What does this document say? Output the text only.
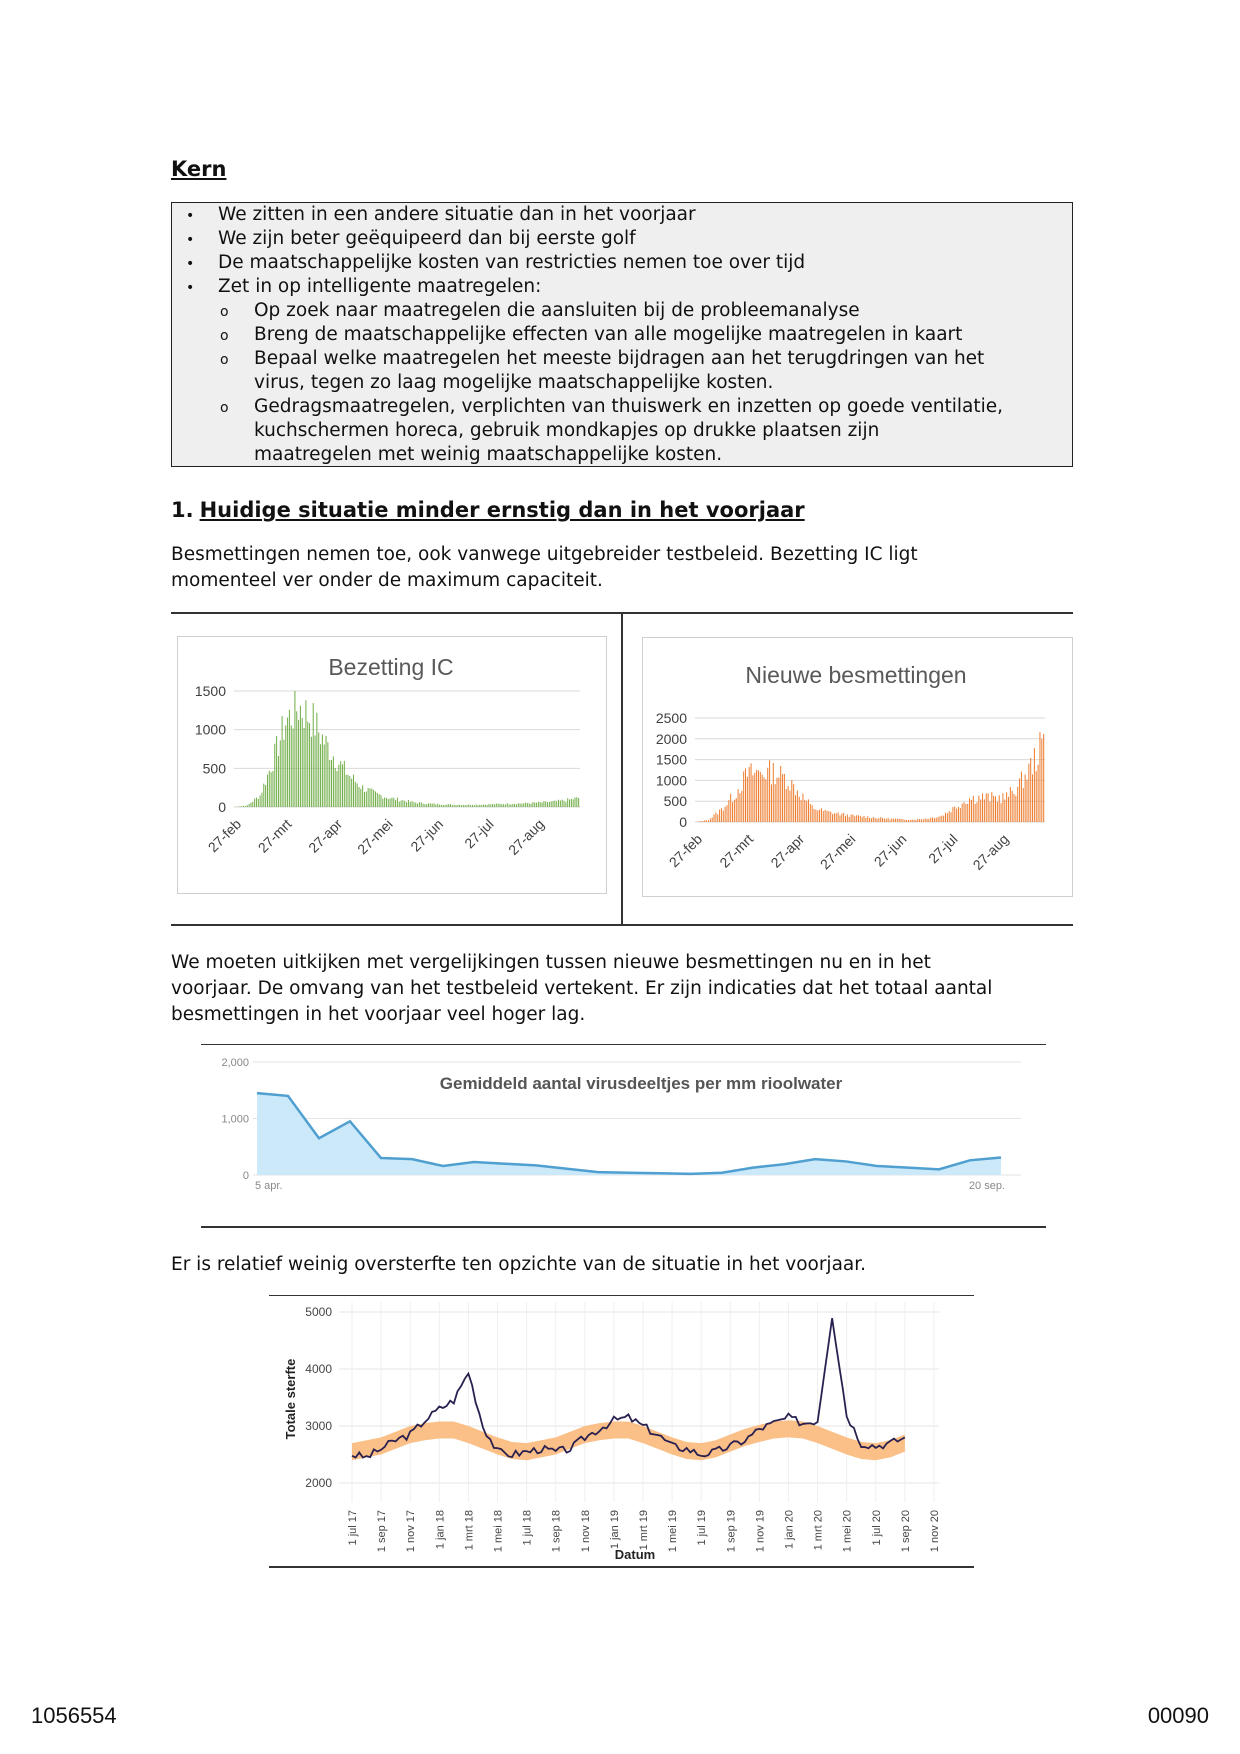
Kern
• We zitten in een andere situatie dan in het voorjaar
• We zijn beter geëquipeerd dan bij eerste golf
• De maatschappelijke kosten van restricties nemen toe over tijd
• Zet in op intelligente maatregelen:
o Op zoek naar maatregelen die aansluiten bij de probleemanalyse
o Breng de maatschappelijke effecten van alle mogelijke maatregelen in kaart
o Bepaal welke maatregelen het meeste bijdragen aan het terugdringen van het
virus, tegen zo laag mogelijke maatschappelijke kosten.
o Gedragsmaatregelen, verplichten van thuiswerk en inzetten op goede ventilatie,
kuchschermen horeca, gebruik mondkapjes op drukke plaatsen zijn
maatregelen met weinig maatschappelijke kosten.
1. Huidige situatie minder ernstig dan in het voorjaar
Besmettingen nemen toe, ook vanwege uitgebreider testbeleid. Bezetting IC ligt
momenteel ver onder de maximum capaciteit.
Bezetting IC
0
500
1000
1500
27-feb 27-mrt 27-apr 27-mei 27-jun 27-jul 27-aug
Nieuwe besmettingen
0
500
1000
1500
2000
2500
27-feb 27-mrt 27-apr 27-mei 27-jun 27-jul 27-aug
We moeten uitkijken met vergelijkingen tussen nieuwe besmettingen nu en in het
voorjaar. De omvang van het testbeleid vertekent. Er zijn indicaties dat het totaal aantal
besmettingen in het voorjaar veel hoger lag.
Gemiddeld aantal virusdeeltjes per mm rioolwater
0
1,000
2,000
5 apr.	20 sep.
Er is relatief weinig oversterfte ten opzichte van de situatie in het voorjaar.
2000
3000
4000
5000
1 jul 17 1 sep 17 1 nov 17 1 jan 18 1 mrt 18 1 mei 18 1 jul 18 1 sep 18 1 nov 18 1 jan 19 1 mrt 19 1 mei 19 1 jul 19 1 sep 19 1 nov 19 1 jan 20 1 mrt 20 1 mei 20 1 jul 20 1 sep 20 1 nov 20
Totale sterfte
Datum
1056554	00090
